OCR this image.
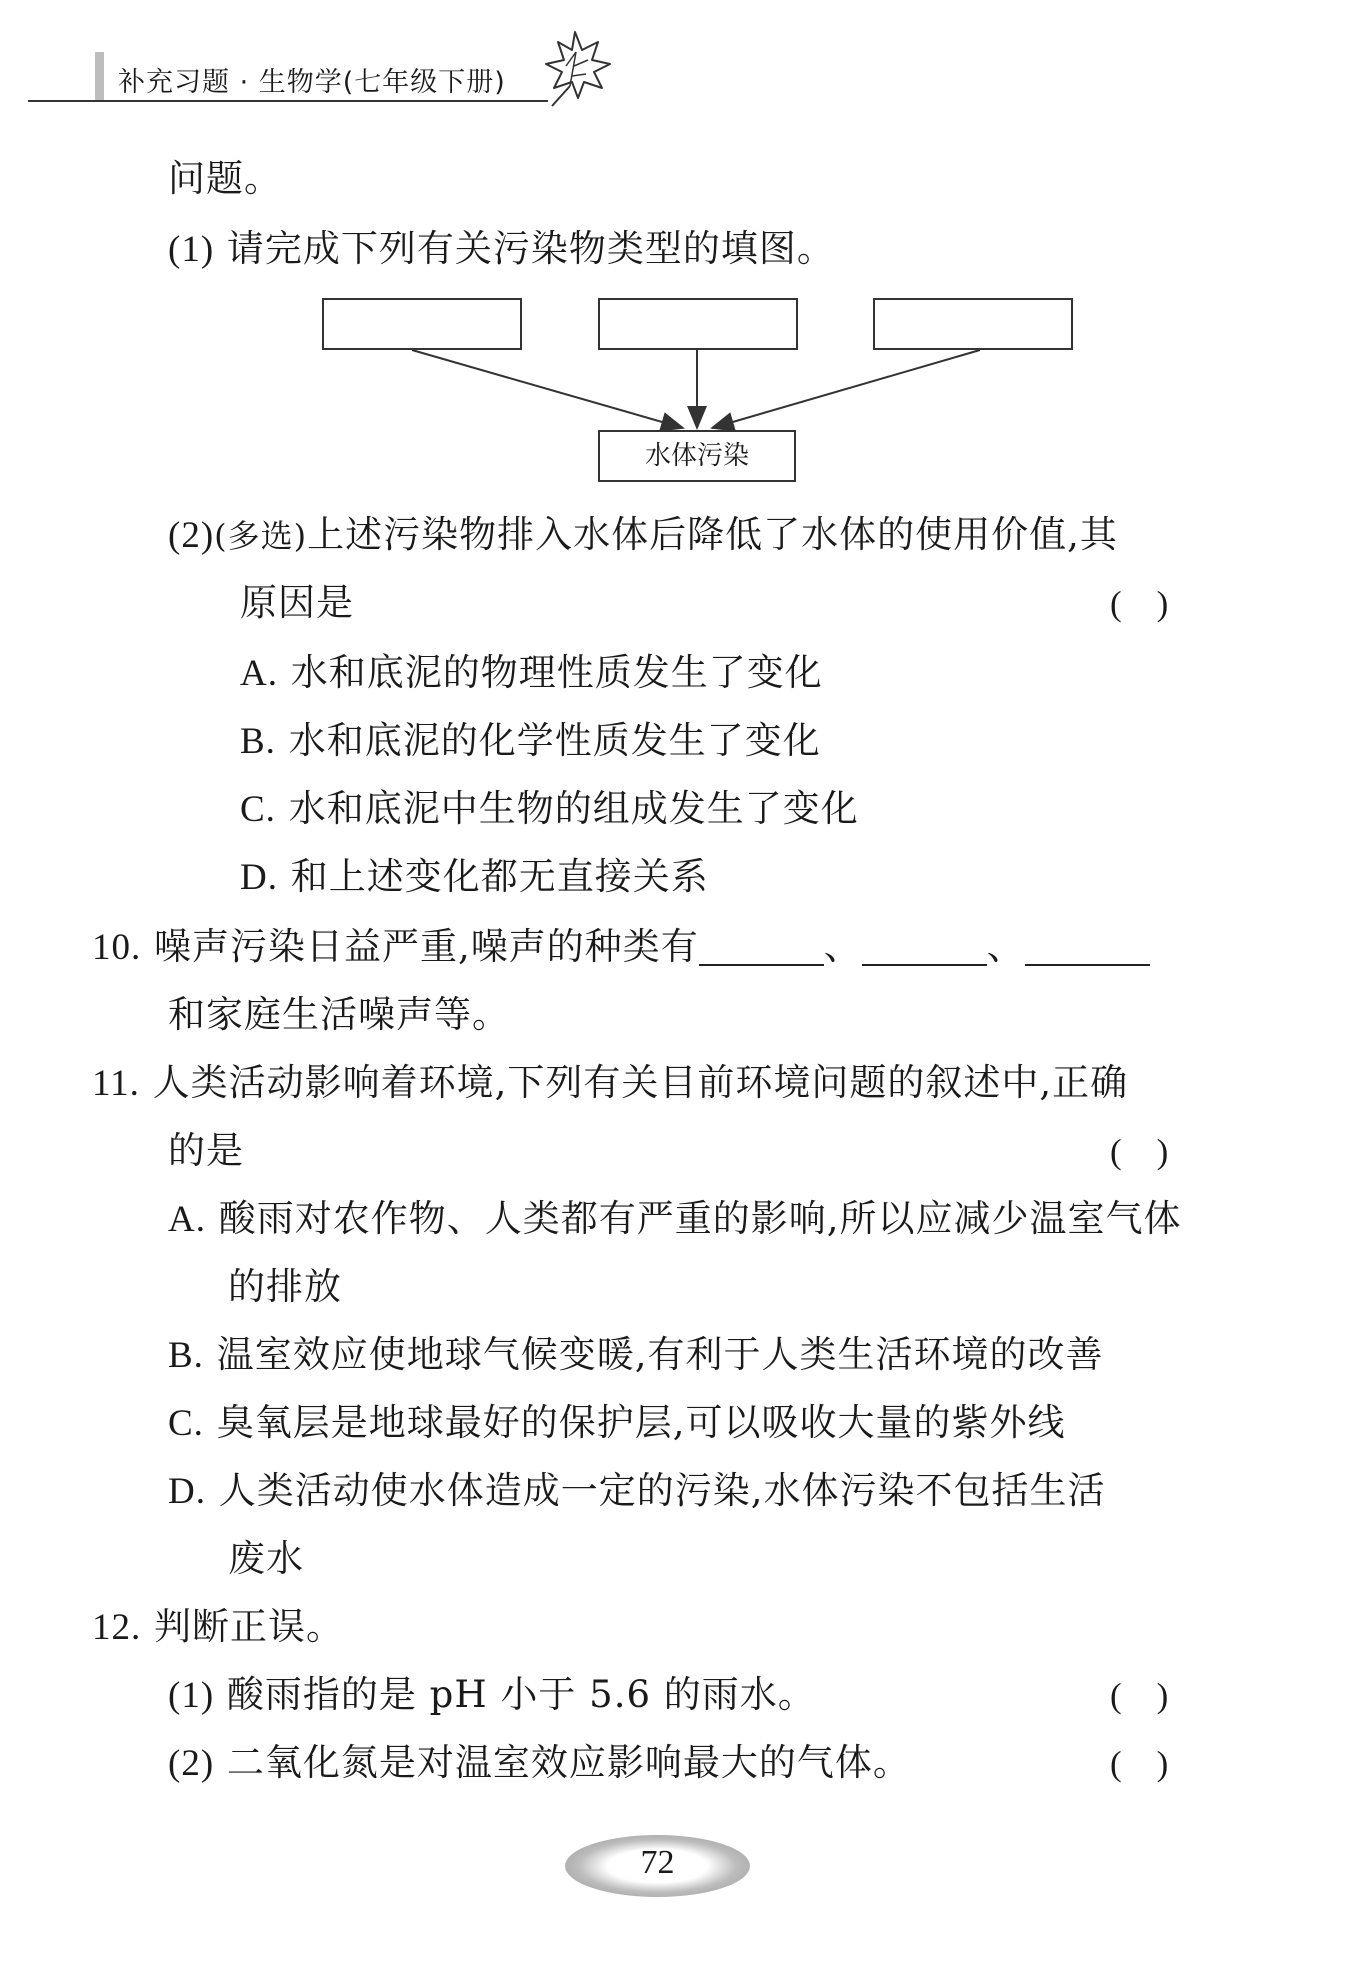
补充习题 · 生物学(七年级下册)
问题。
(1) 请完成下列有关污染物类型的填图。
水体污染
(2)(多选)上述污染物排入水体后降低了水体的使用价值,其
原因是	(    )
A. 水和底泥的物理性质发生了变化
B. 水和底泥的化学性质发生了变化
C. 水和底泥中生物的组成发生了变化
D. 和上述变化都无直接关系
10. 噪声污染日益严重,噪声的种类有	、	、
和家庭生活噪声等。
11. 人类活动影响着环境,下列有关目前环境问题的叙述中,正确
的是	(    )
A. 酸雨对农作物、人类都有严重的影响,所以应减少温室气体
的排放
B. 温室效应使地球气候变暖,有利于人类生活环境的改善
C. 臭氧层是地球最好的保护层,可以吸收大量的紫外线
D. 人类活动使水体造成一定的污染,水体污染不包括生活
废水
12. 判断正误。
(1) 酸雨指的是 pH 小于 5.6 的雨水。	(    )
(2) 二氧化氮是对温室效应影响最大的气体。	(    )
72
